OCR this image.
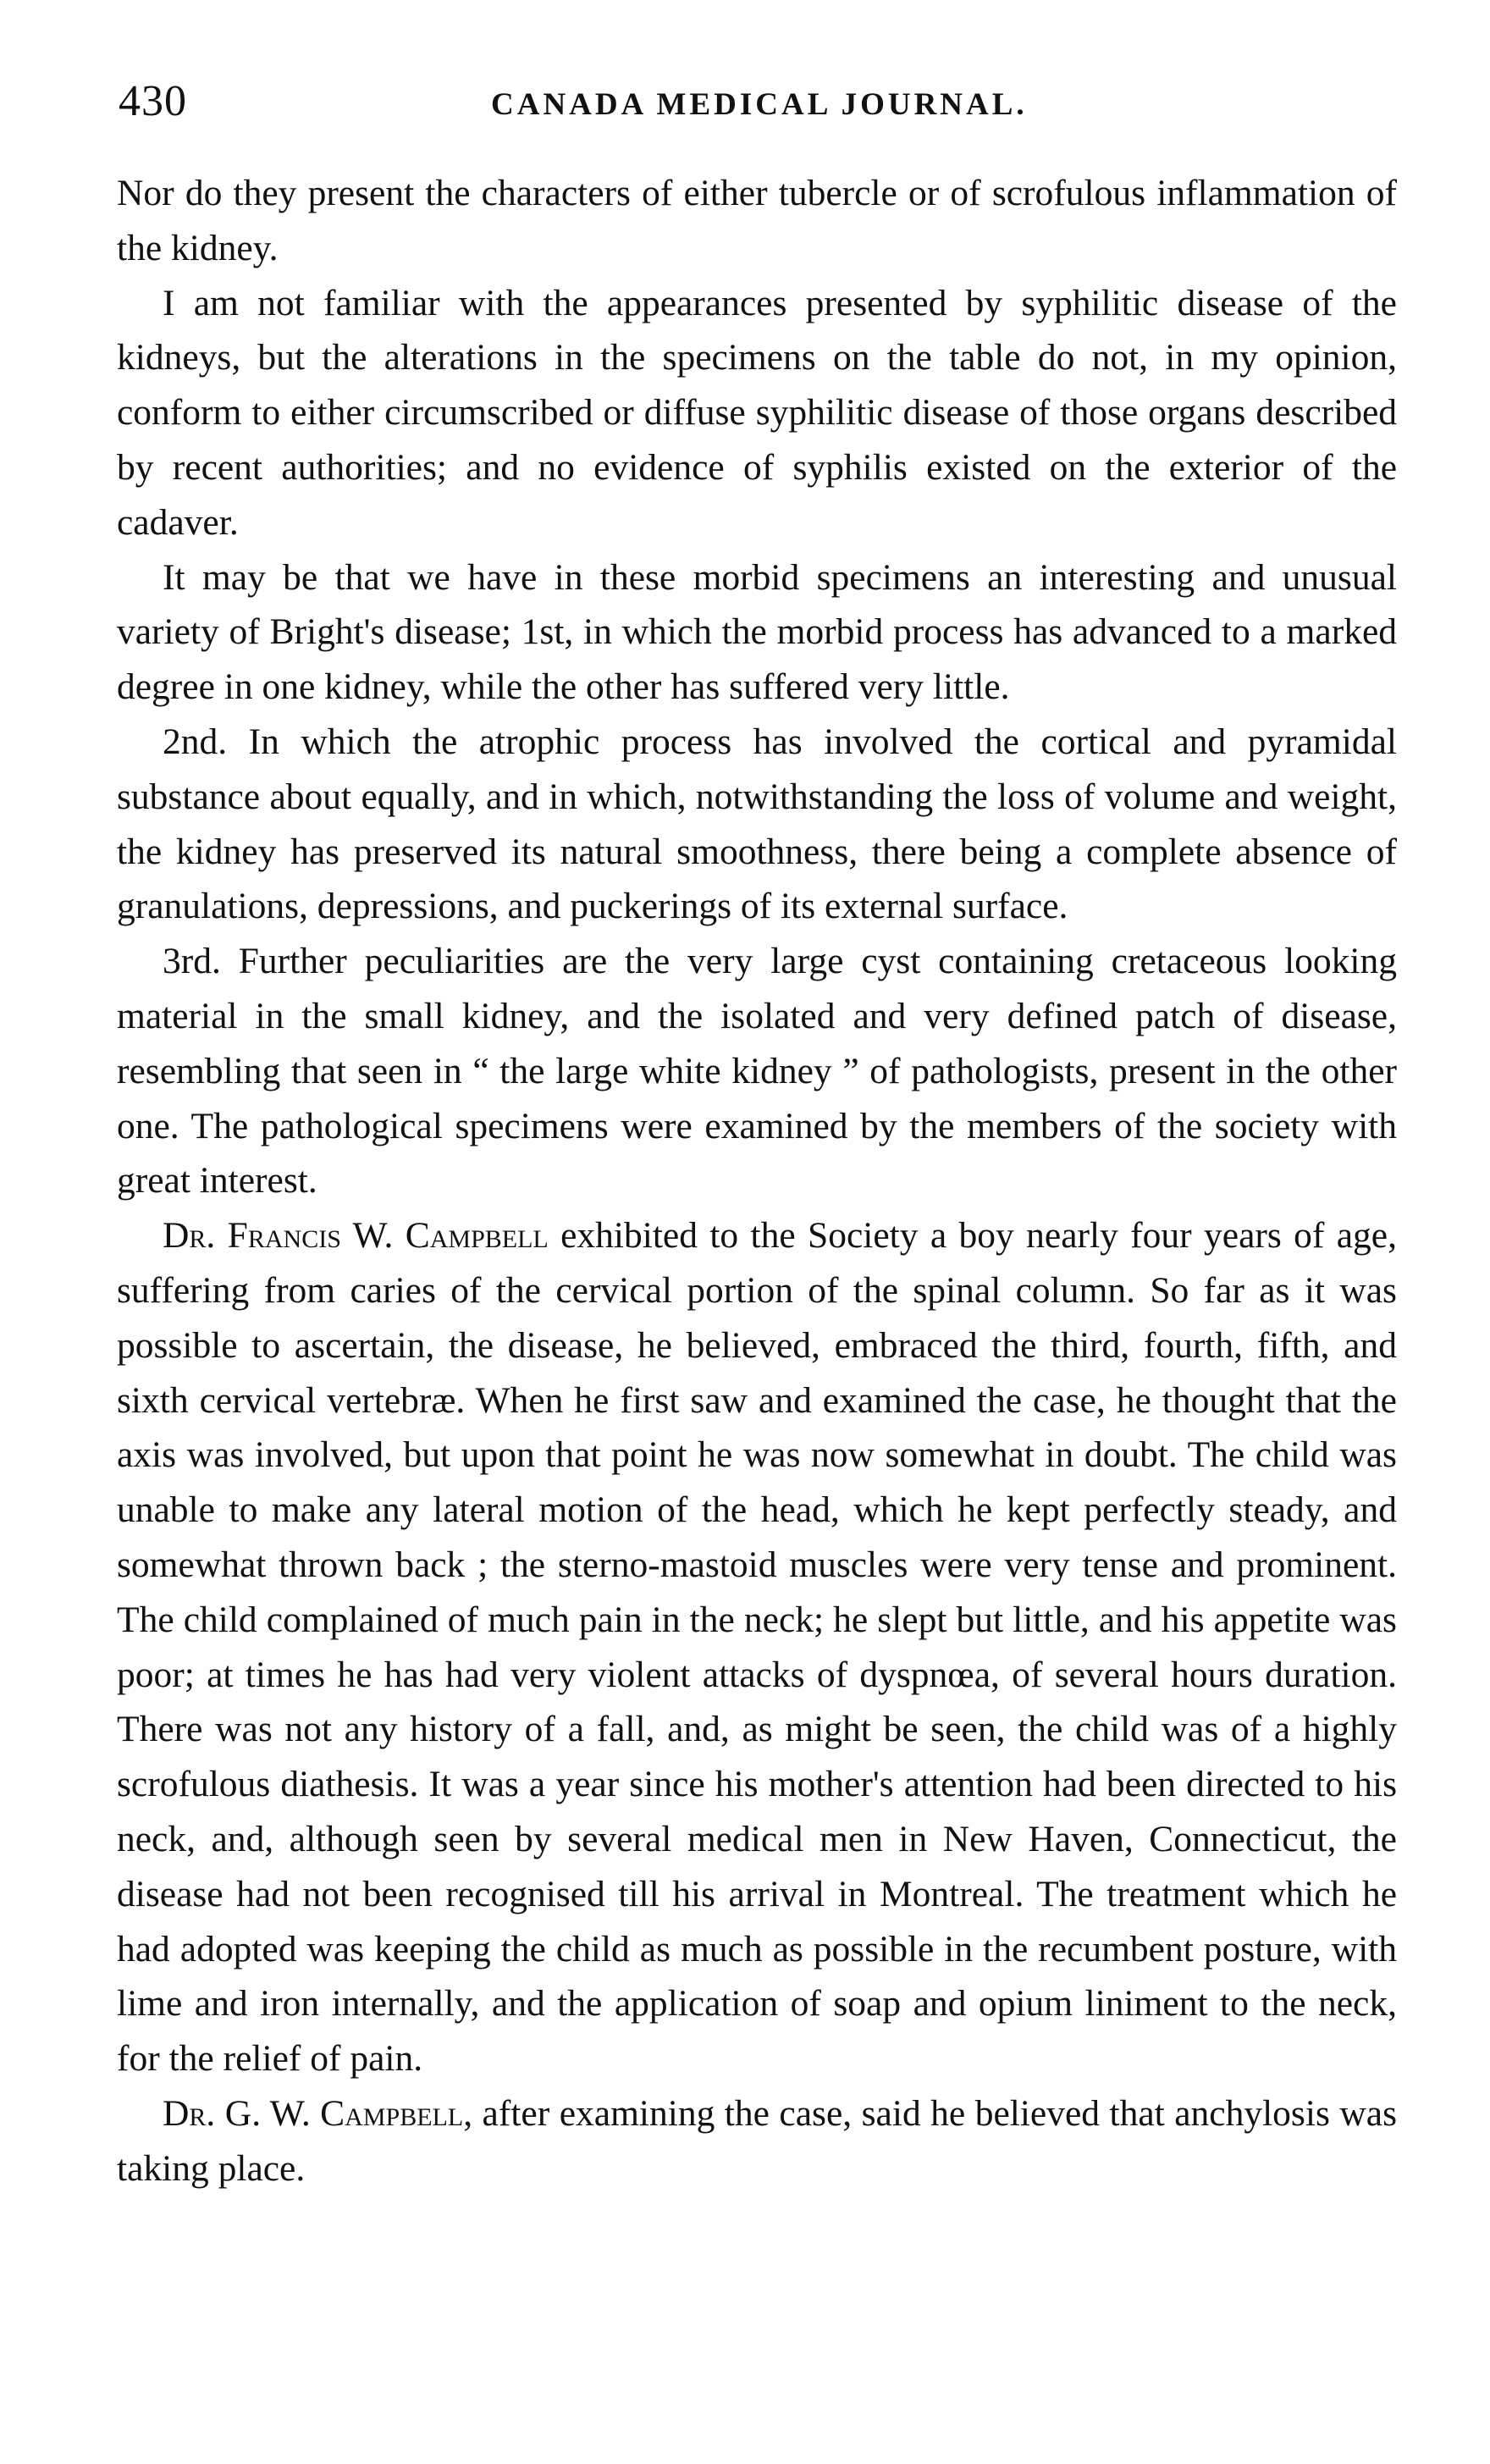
430	CANADA MEDICAL JOURNAL.

Nor do they present the characters of either tubercle or of scrofulous inflammation of the kidney.

I am not familiar with the appearances presented by syphilitic disease of the kidneys, but the alterations in the specimens on the table do not, in my opinion, conform to either circumscribed or diffuse syphilitic disease of those organs described by recent authorities; and no evidence of syphilis existed on the exterior of the cadaver.

It may be that we have in these morbid specimens an interesting and unusual variety of Bright's disease; 1st, in which the morbid process has advanced to a marked degree in one kidney, while the other has suffered very little.

2nd. In which the atrophic process has involved the cortical and pyramidal substance about equally, and in which, notwithstanding the loss of volume and weight, the kidney has preserved its natural smoothness, there being a complete absence of granulations, depressions, and puckerings of its external surface.

3rd. Further peculiarities are the very large cyst containing cretaceous looking material in the small kidney, and the isolated and very defined patch of disease, resembling that seen in “ the large white kidney ” of pathologists, present in the other one. The pathological specimens were examined by the members of the society with great interest.

Dr. Francis W. Campbell exhibited to the Society a boy nearly four years of age, suffering from caries of the cervical portion of the spinal column. So far as it was possible to ascertain, the disease, he believed, embraced the third, fourth, fifth, and sixth cervical vertebræ. When he first saw and examined the case, he thought that the axis was involved, but upon that point he was now somewhat in doubt. The child was unable to make any lateral motion of the head, which he kept perfectly steady, and somewhat thrown back ; the sterno-mastoid muscles were very tense and prominent. The child complained of much pain in the neck; he slept but little, and his appetite was poor; at times he has had very violent attacks of dyspnœa, of several hours duration. There was not any history of a fall, and, as might be seen, the child was of a highly scrofulous diathesis. It was a year since his mother's attention had been directed to his neck, and, although seen by several medical men in New Haven, Connecticut, the disease had not been recognised till his arrival in Montreal. The treatment which he had adopted was keeping the child as much as possible in the recumbent posture, with lime and iron internally, and the application of soap and opium liniment to the neck, for the relief of pain.

Dr. G. W. Campbell, after examining the case, said he believed that anchylosis was taking place.
